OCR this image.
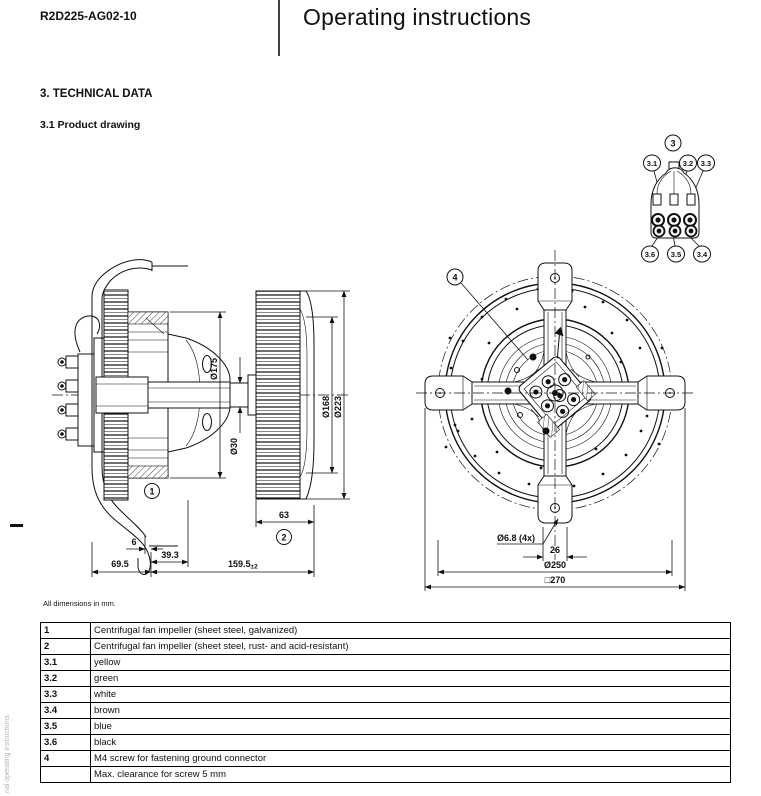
R2D225-AG02-10	Operating instructions
3. TECHNICAL DATA
3.1 Product drawing
1
Ø175
Ø30
Ø168 Ø223
63
2
6
39.3
69.5	159.5±2
4
Ø6.8 (4x)
26
Ø250
□270
3
3.1	3.2 3.3
3.6 3.5 3.4
All dimensions in mm.
1	Centrifugal fan impeller (sheet steel, galvanized)
2	Centrifugal fan impeller (sheet steel, rust- and acid-resistant)
3.1	yellow
3.2	green
3.3	white
3.4	brown
3.5	blue
3.6	black
4	M4 screw for fastening ground connector
	Max. clearance for screw 5 mm
nal operating instructions
